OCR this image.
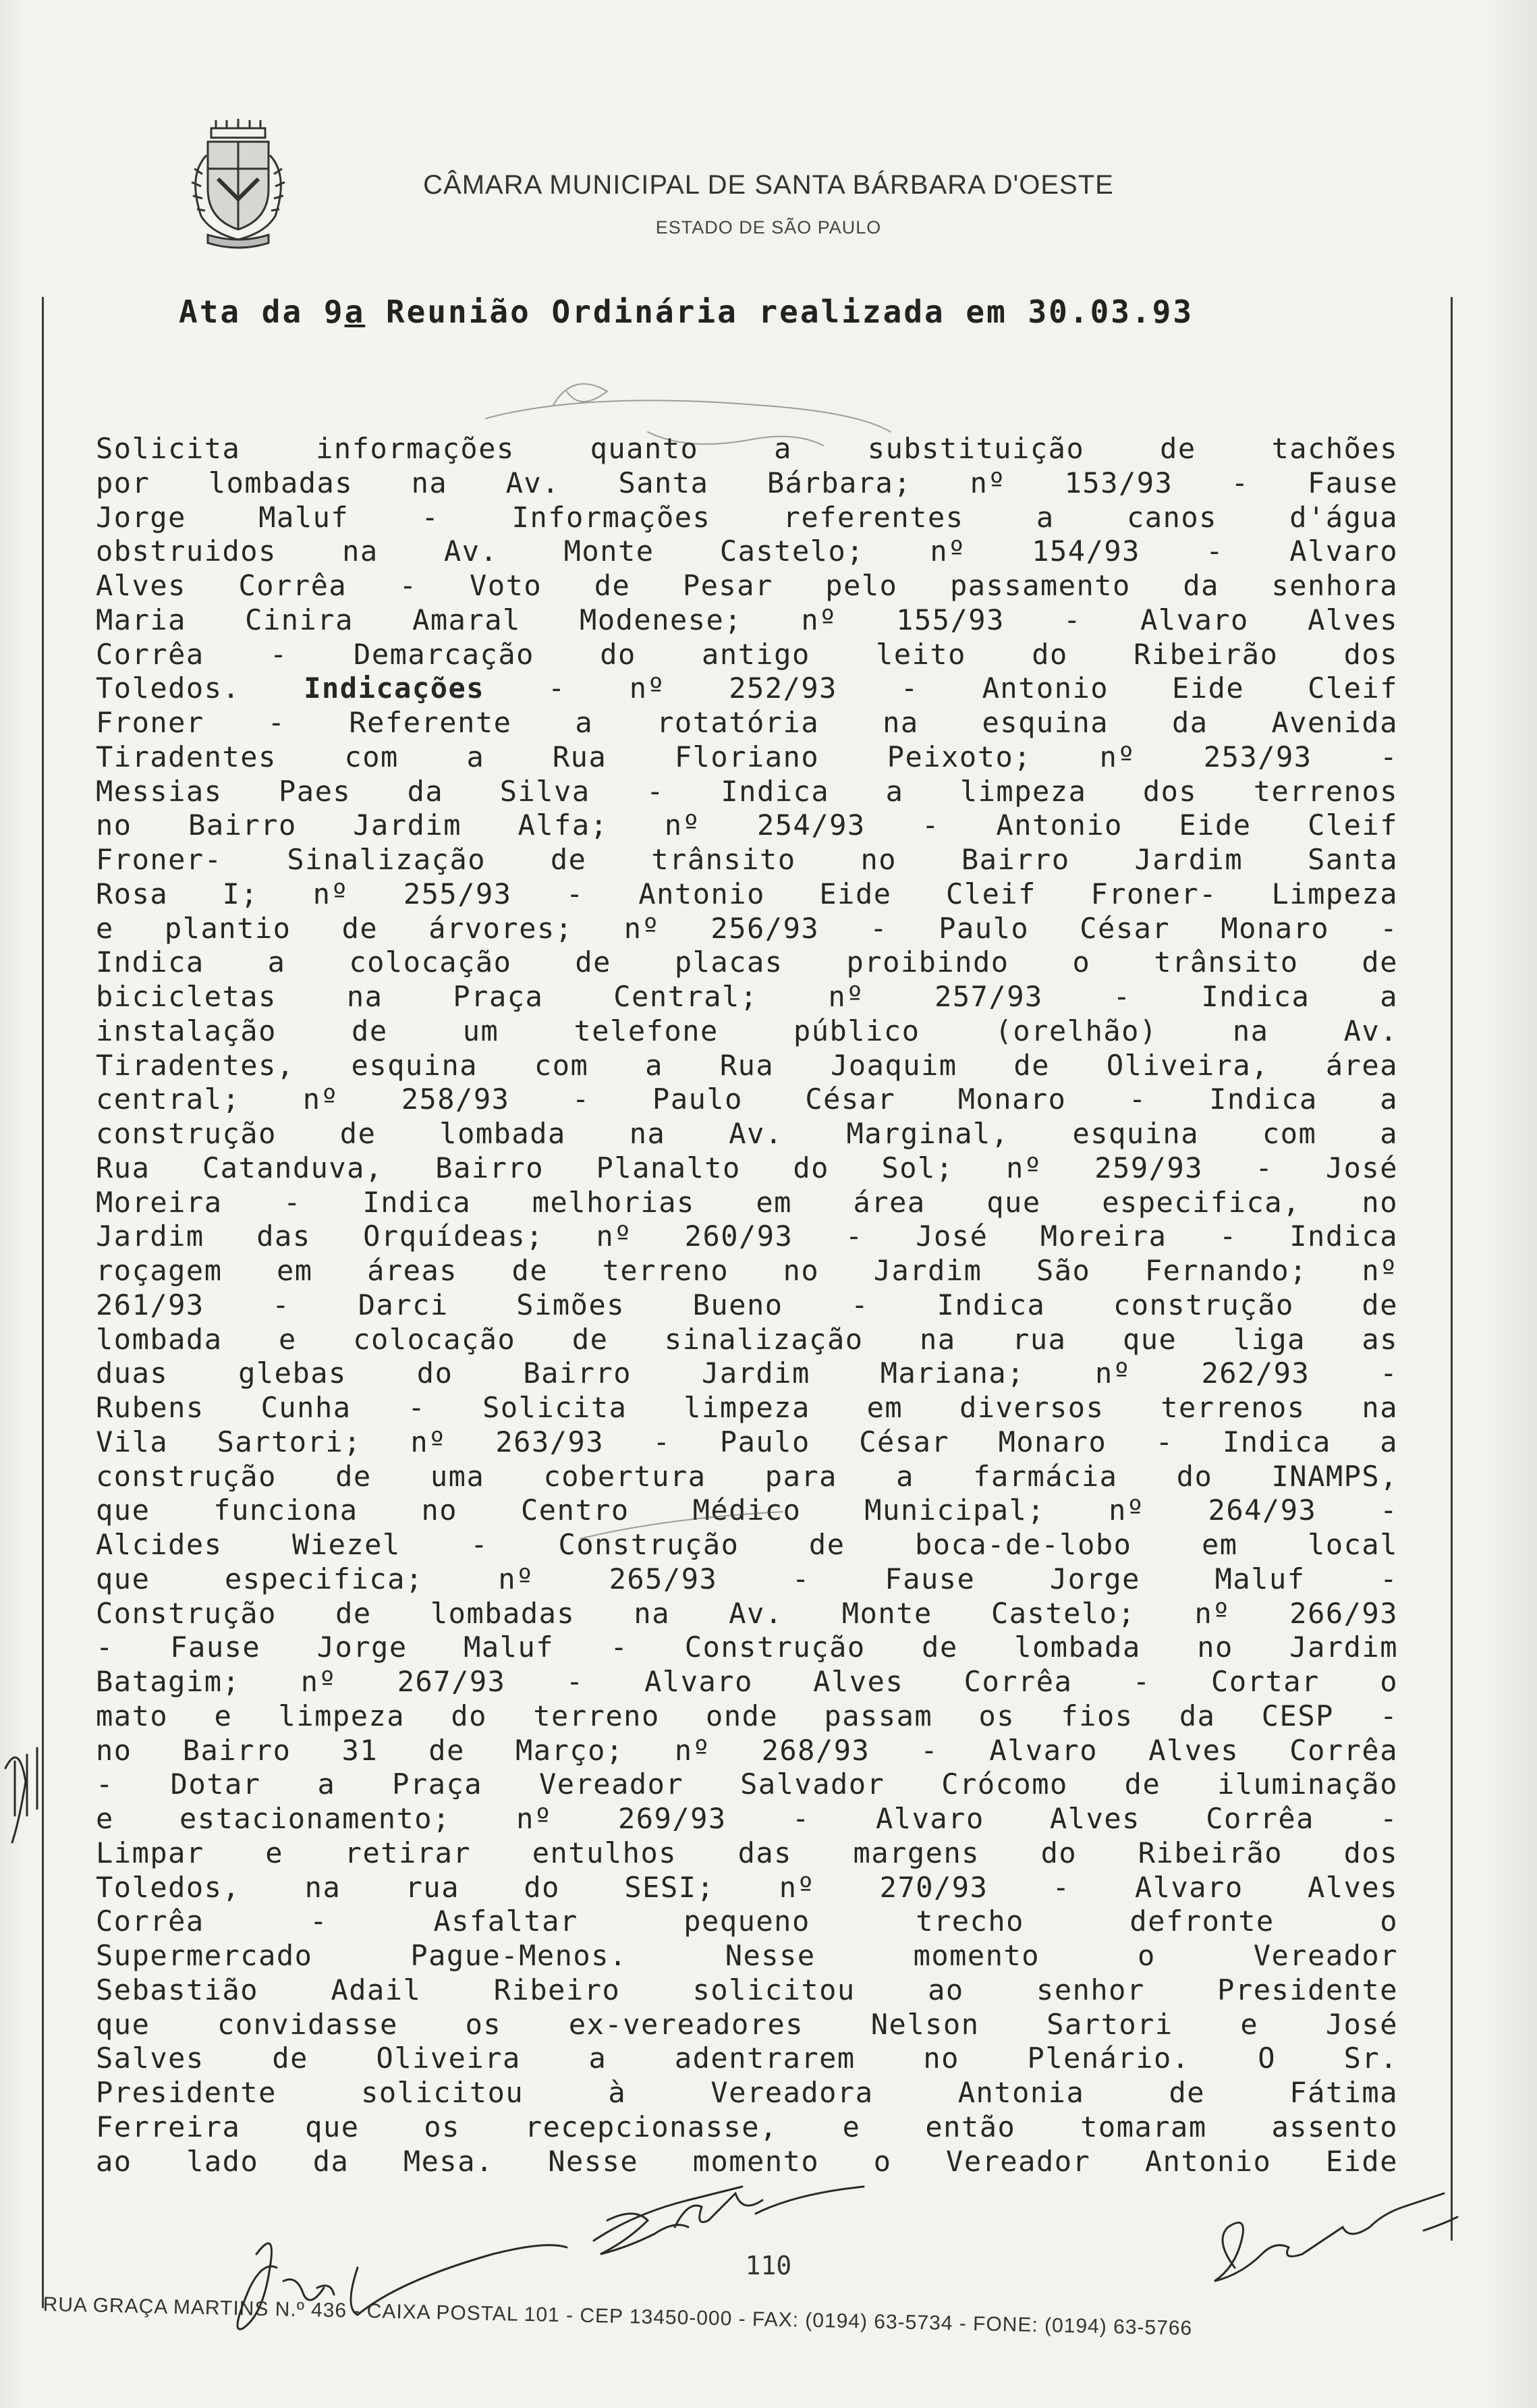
CÂMARA MUNICIPAL DE SANTA BÁRBARA D'OESTE
ESTADO DE SÃO PAULO
Ata da 9a Reunião Ordinária realizada em 30.03.93
Solicita informações quanto a substituição de tachões
por lombadas na Av. Santa Bárbara; nº 153/93 - Fause
Jorge Maluf - Informações referentes a canos d'água
obstruidos na Av. Monte Castelo; nº 154/93 - Alvaro
Alves Corrêa - Voto de Pesar pelo passamento da senhora
Maria Cinira Amaral Modenese; nº 155/93 - Alvaro Alves
Corrêa - Demarcação do antigo leito do Ribeirão dos
Toledos. Indicações - nº 252/93 - Antonio Eide Cleif
Froner - Referente a rotatória na esquina da Avenida
Tiradentes com a Rua Floriano Peixoto; nº 253/93 -
Messias Paes da Silva - Indica a limpeza dos terrenos
no Bairro Jardim Alfa; nº 254/93 - Antonio Eide Cleif
Froner- Sinalização de trânsito no Bairro Jardim Santa
Rosa I; nº 255/93 - Antonio Eide Cleif Froner- Limpeza
e plantio de árvores; nº 256/93 - Paulo César Monaro -
Indica a colocação de placas proibindo o trânsito de
bicicletas na Praça Central; nº 257/93 - Indica a
instalação de um telefone público (orelhão) na Av.
Tiradentes, esquina com a Rua Joaquim de Oliveira, área
central; nº 258/93 - Paulo César Monaro - Indica a
construção de lombada na Av. Marginal, esquina com a
Rua Catanduva, Bairro Planalto do Sol; nº 259/93 - José
Moreira - Indica melhorias em área que especifica, no
Jardim das Orquídeas; nº 260/93 - José Moreira - Indica
roçagem em áreas de terreno no Jardim São Fernando; nº
261/93 - Darci Simões Bueno - Indica construção de
lombada e colocação de sinalização na rua que liga as
duas glebas do Bairro Jardim Mariana; nº 262/93 -
Rubens Cunha - Solicita limpeza em diversos terrenos na
Vila Sartori; nº 263/93 - Paulo César Monaro - Indica a
construção de uma cobertura para a farmácia do INAMPS,
que funciona no Centro Médico Municipal; nº 264/93 -
Alcides Wiezel - Construção de boca-de-lobo em local
que especifica; nº 265/93 - Fause Jorge Maluf -
Construção de lombadas na Av. Monte Castelo; nº 266/93
- Fause Jorge Maluf - Construção de lombada no Jardim
Batagim; nº 267/93 - Alvaro Alves Corrêa - Cortar o
mato e limpeza do terreno onde passam os fios da CESP -
no Bairro 31 de Março; nº 268/93 - Alvaro Alves Corrêa
- Dotar a Praça Vereador Salvador Crócomo de iluminação
e estacionamento; nº 269/93 - Alvaro Alves Corrêa -
Limpar e retirar entulhos das margens do Ribeirão dos
Toledos, na rua do SESI; nº 270/93 - Alvaro Alves
Corrêa - Asfaltar pequeno trecho defronte o
Supermercado Pague-Menos. Nesse momento o Vereador
Sebastião Adail Ribeiro solicitou ao senhor Presidente
que convidasse os ex-vereadores Nelson Sartori e José
Salves de Oliveira a adentrarem no Plenário. O Sr.
Presidente solicitou à Vereadora Antonia de Fátima
Ferreira que os recepcionasse, e então tomaram assento
ao lado da Mesa. Nesse momento o Vereador Antonio Eide
110
RUA GRAÇA MARTINS N.º 436 - CAIXA POSTAL 101 - CEP 13450-000 - FAX: (0194) 63-5734 - FONE: (0194) 63-5766
